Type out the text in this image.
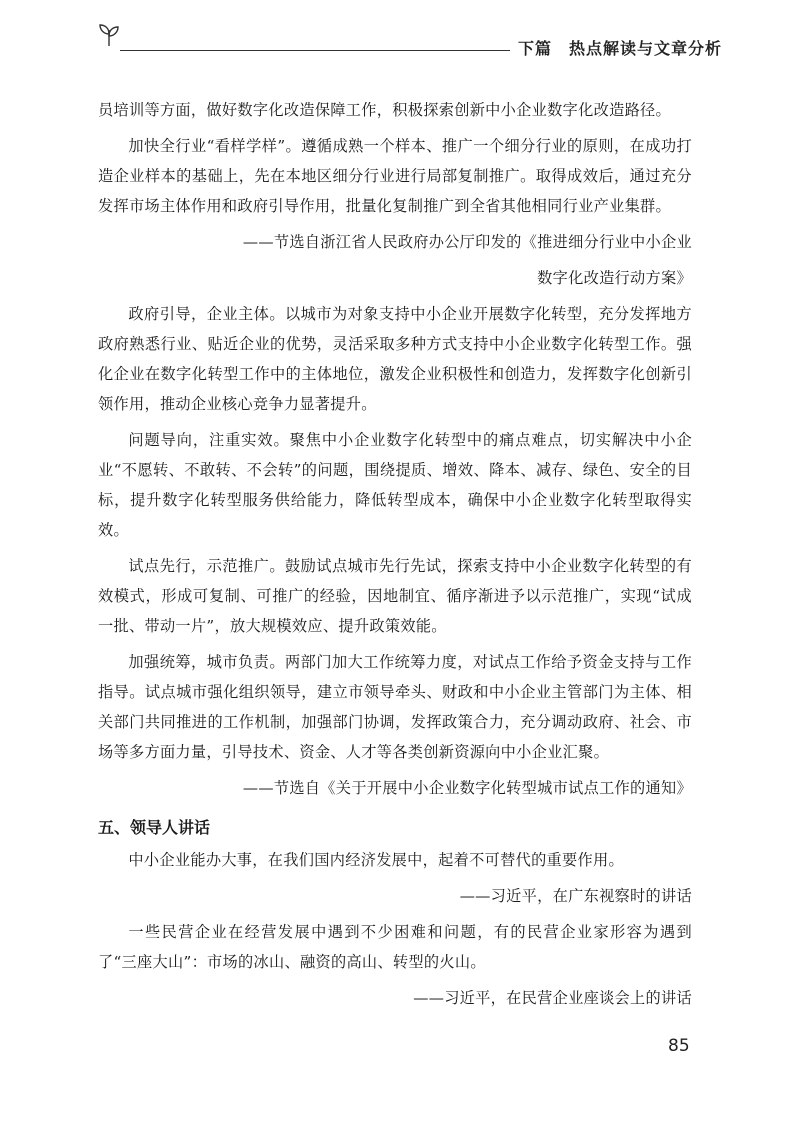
下篇　热点解读与文章分析

员培训等方面，做好数字化改造保障工作，积极探索创新中小企业数字化改造路径。

加快全行业“看样学样”。遵循成熟一个样本、推广一个细分行业的原则，在成功打造企业样本的基础上，先在本地区细分行业进行局部复制推广。取得成效后，通过充分发挥市场主体作用和政府引导作用，批量化复制推广到全省其他相同行业产业集群。

——节选自浙江省人民政府办公厅印发的《推进细分行业中小企业
数字化改造行动方案》

政府引导，企业主体。以城市为对象支持中小企业开展数字化转型，充分发挥地方政府熟悉行业、贴近企业的优势，灵活采取多种方式支持中小企业数字化转型工作。强化企业在数字化转型工作中的主体地位，激发企业积极性和创造力，发挥数字化创新引领作用，推动企业核心竞争力显著提升。

问题导向，注重实效。聚焦中小企业数字化转型中的痛点难点，切实解决中小企业“不愿转、不敢转、不会转”的问题，围绕提质、增效、降本、减存、绿色、安全的目标，提升数字化转型服务供给能力，降低转型成本，确保中小企业数字化转型取得实效。

试点先行，示范推广。鼓励试点城市先行先试，探索支持中小企业数字化转型的有效模式，形成可复制、可推广的经验，因地制宜、循序渐进予以示范推广，实现“试成一批、带动一片”，放大规模效应、提升政策效能。

加强统筹，城市负责。两部门加大工作统筹力度，对试点工作给予资金支持与工作指导。试点城市强化组织领导，建立市领导牵头、财政和中小企业主管部门为主体、相关部门共同推进的工作机制，加强部门协调，发挥政策合力，充分调动政府、社会、市场等多方面力量，引导技术、资金、人才等各类创新资源向中小企业汇聚。

——节选自《关于开展中小企业数字化转型城市试点工作的通知》
五、领导人讲话

中小企业能办大事，在我们国内经济发展中，起着不可替代的重要作用。

——习近平，在广东视察时的讲话

一些民营企业在经营发展中遇到不少困难和问题，有的民营企业家形容为遇到了“三座大山”：市场的冰山、融资的高山、转型的火山。

——习近平，在民营企业座谈会上的讲话
85
